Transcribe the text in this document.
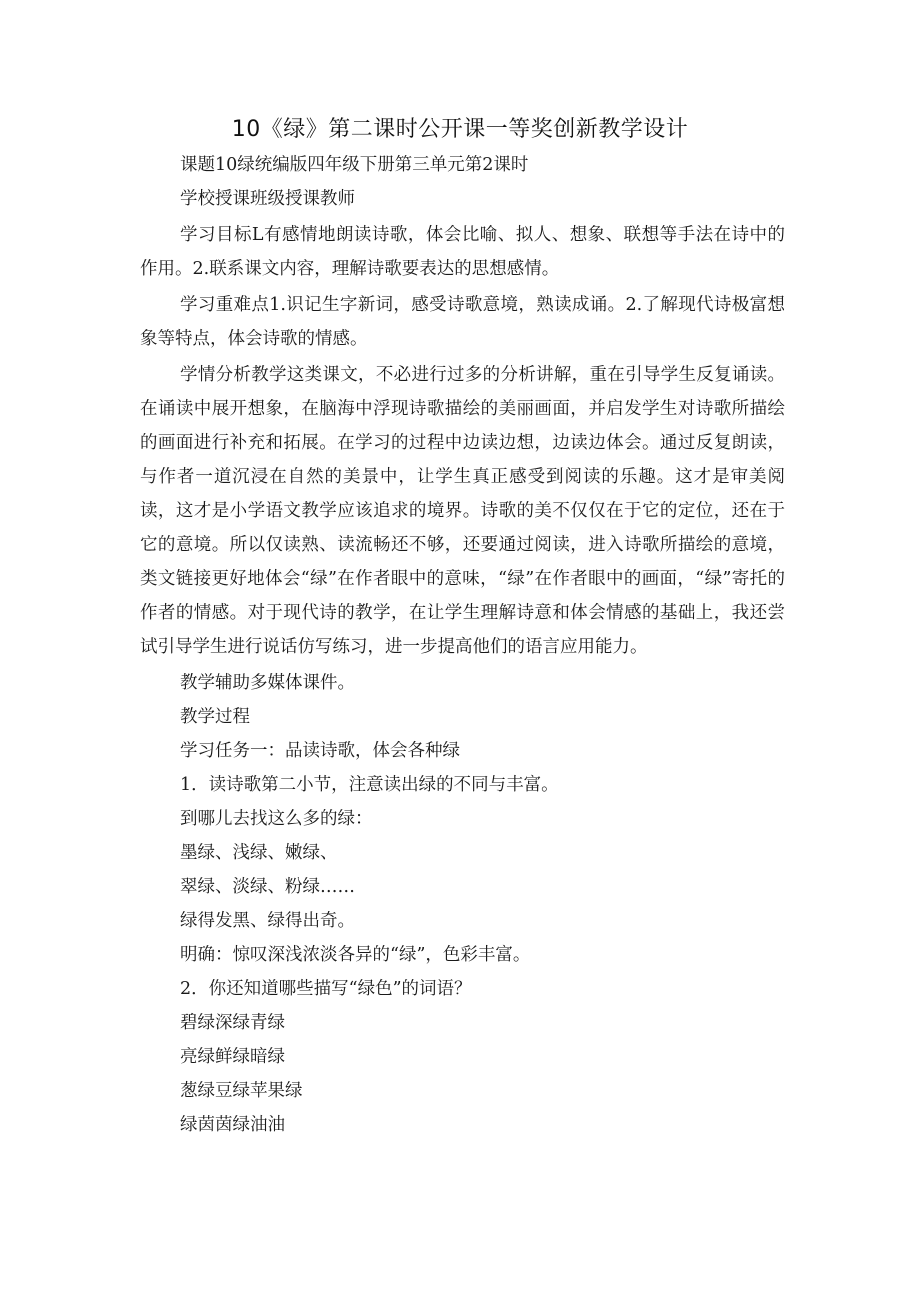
10《绿》第二课时公开课一等奖创新教学设计

课题10绿统编版四年级下册第三单元第2课时

学校授课班级授课教师

学习目标L有感情地朗读诗歌，体会比喻、拟人、想象、联想等手法在诗中的作用。2.联系课文内容，理解诗歌要表达的思想感情。

学习重难点1.识记生字新词，感受诗歌意境，熟读成诵。2.了解现代诗极富想象等特点，体会诗歌的情感。

学情分析教学这类课文，不必进行过多的分析讲解，重在引导学生反复诵读。在诵读中展开想象，在脑海中浮现诗歌描绘的美丽画面，并启发学生对诗歌所描绘的画面进行补充和拓展。在学习的过程中边读边想，边读边体会。通过反复朗读，与作者一道沉浸在自然的美景中，让学生真正感受到阅读的乐趣。这才是审美阅读，这才是小学语文教学应该追求的境界。诗歌的美不仅仅在于它的定位，还在于它的意境。所以仅读熟、读流畅还不够，还要通过阅读，进入诗歌所描绘的意境，类文链接更好地体会“绿”在作者眼中的意味，“绿”在作者眼中的画面，“绿”寄托的作者的情感。对于现代诗的教学，在让学生理解诗意和体会情感的基础上，我还尝试引导学生进行说话仿写练习，进一步提高他们的语言应用能力。

教学辅助多媒体课件。

教学过程

学习任务一：品读诗歌，体会各种绿

1．读诗歌第二小节，注意读出绿的不同与丰富。

到哪儿去找这么多的绿：

墨绿、浅绿、嫩绿、

翠绿、淡绿、粉绿……

绿得发黑、绿得出奇。

明确：惊叹深浅浓淡各异的“绿”，色彩丰富。

2．你还知道哪些描写“绿色”的词语？

碧绿深绿青绿

亮绿鲜绿暗绿

葱绿豆绿苹果绿

绿茵茵绿油油
